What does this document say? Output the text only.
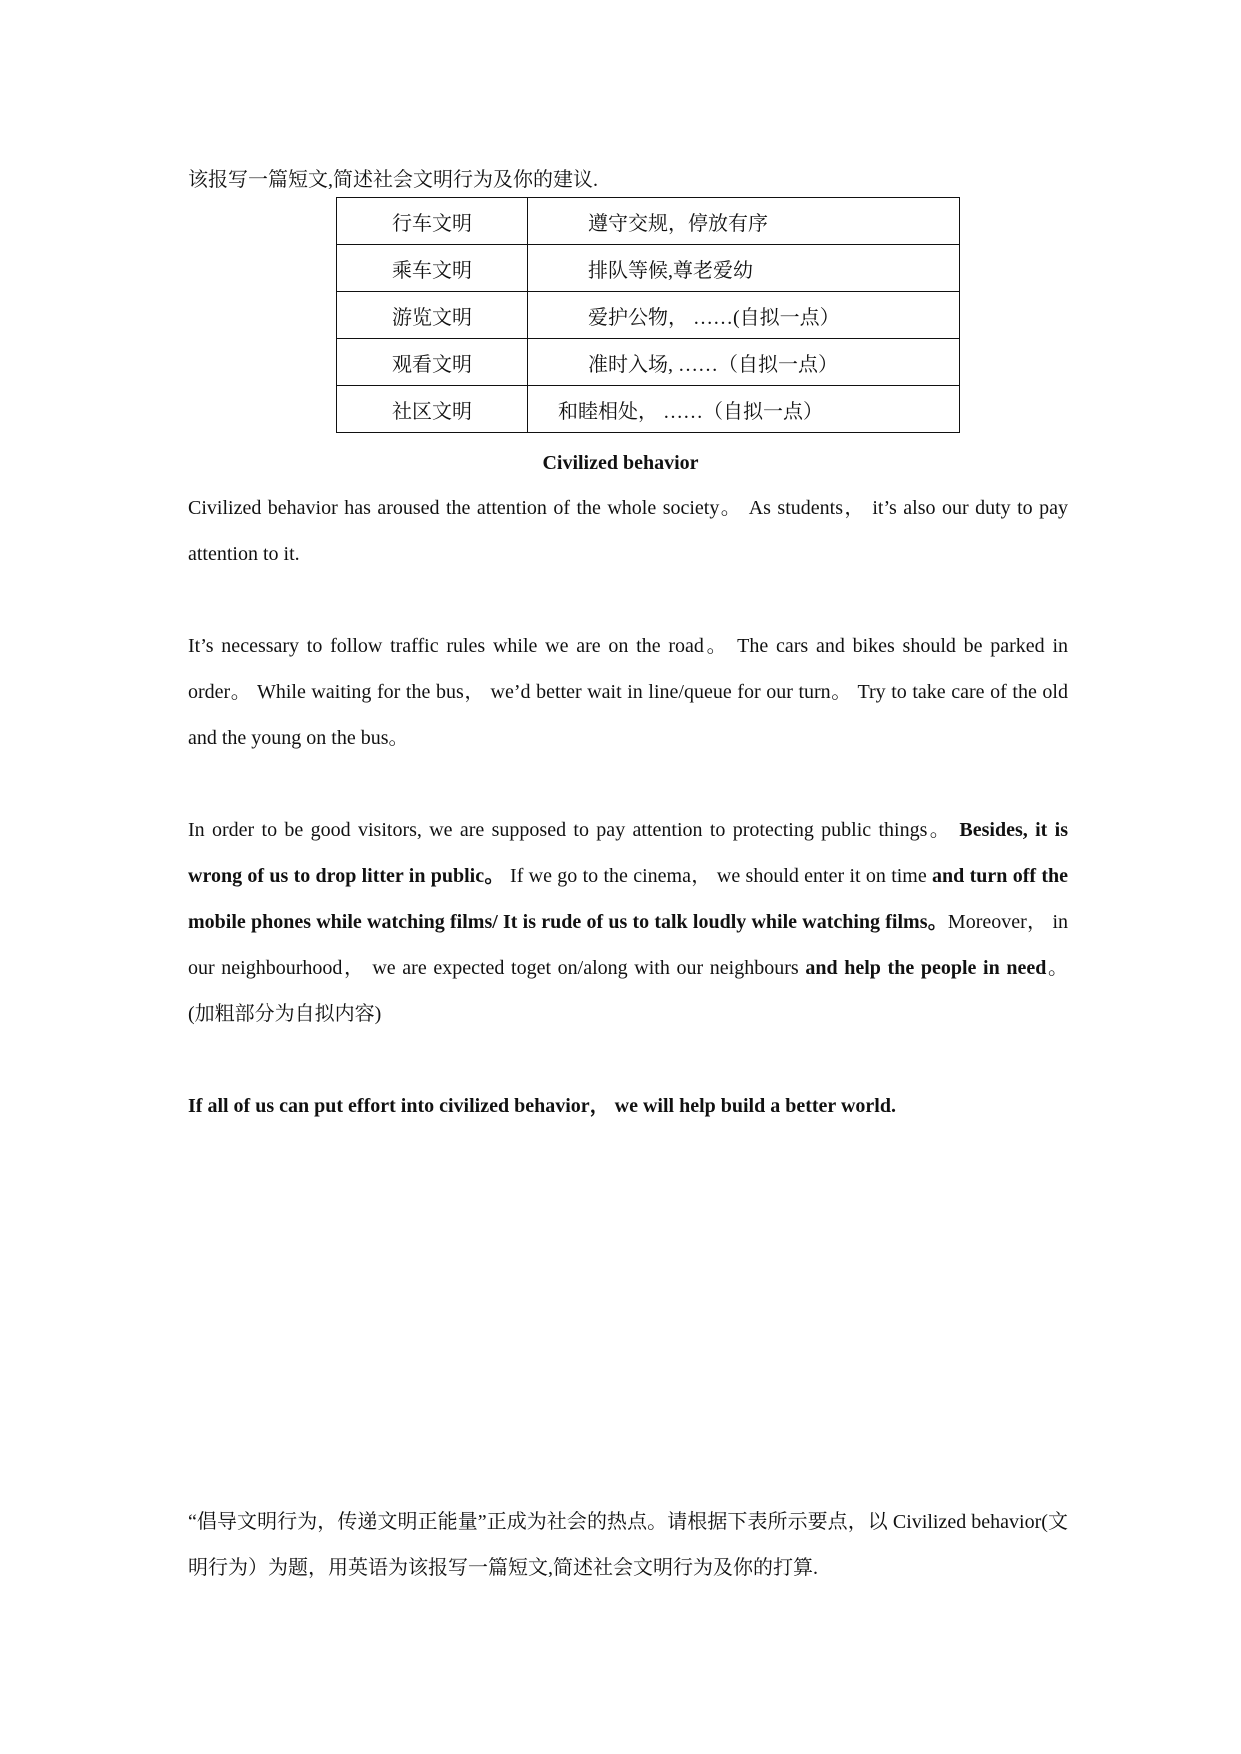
该报写一篇短文,简述社会文明行为及你的建议.

行车文明	遵守交规，停放有序
乘车文明	排队等候,尊老爱幼
游览文明	爱护公物， ……(自拟一点）
观看文明	准时入场, ……（自拟一点）
社区文明	和睦相处， ……（自拟一点）
Civilized behavior

Civilized behavior has aroused the attention of the whole society。 As students， it’s also our duty to pay attention to it.

It’s necessary to follow traffic rules while we are on the road。 The cars and bikes should be parked in order。 While waiting for the bus， we’d better wait in line/queue for our turn。 Try to take care of the old and the young on the bus。

In order to be good visitors, we are supposed to pay attention to protecting public things。 Besides, it is wrong of us to drop litter in public。 If we go to the cinema， we should enter it on time and turn off the mobile phones while watching films/ It is rude of us to talk loudly while watching films。Moreover， in our neighbourhood， we are expected toget on/along with our neighbours and help the people in need。 (加粗部分为自拟内容)

If all of us can put effort into civilized behavior， we will help build a better world.

“倡导文明行为，传递文明正能量”正成为社会的热点。请根据下表所示要点，以 Civilized behavior(文明行为）为题，用英语为该报写一篇短文,简述社会文明行为及你的打算.
